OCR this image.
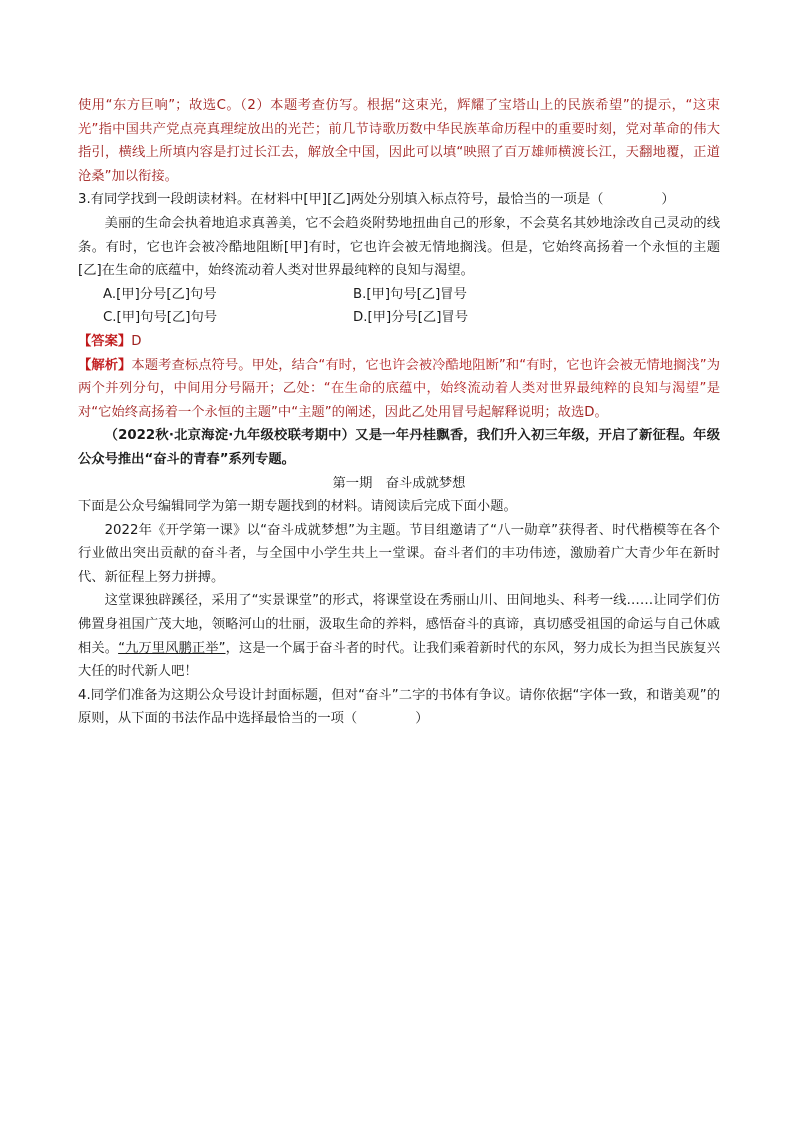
使用“东方巨响”；故选C。（2）本题考查仿写。根据“这束光，辉耀了宝塔山上的民族希望”的提示，“这束光”指中国共产党点亮真理绽放出的光芒；前几节诗歌历数中华民族革命历程中的重要时刻，党对革命的伟大指引，横线上所填内容是打过长江去，解放全中国，因此可以填“映照了百万雄师横渡长江，天翻地覆，正道沧桑”加以衔接。

3.有同学找到一段朗读材料。在材料中[甲][乙]两处分别填入标点符号，最恰当的一项是（	）

美丽的生命会执着地追求真善美，它不会趋炎附势地扭曲自己的形象，不会莫名其妙地涂改自己灵动的线条。有时，它也许会被冷酷地阻断[甲]有时，它也许会被无情地搁浅。但是，它始终高扬着一个永恒的主题[乙]在生命的底蕴中，始终流动着人类对世界最纯粹的良知与渴望。

A.[甲]分号[乙]句号	B.[甲]句号[乙]冒号
C.[甲]句号[乙]句号	D.[甲]分号[乙]冒号

【答案】D

【解析】本题考查标点符号。甲处，结合“有时，它也许会被冷酷地阻断”和“有时，它也许会被无情地搁浅”为两个并列分句，中间用分号隔开；乙处：“在生命的底蕴中，始终流动着人类对世界最纯粹的良知与渴望”是对“它始终高扬着一个永恒的主题”中“主题”的阐述，因此乙处用冒号起解释说明；故选D。

（2022秋·北京海淀·九年级校联考期中）又是一年丹桂飘香，我们升入初三年级，开启了新征程。年级公众号推出“奋斗的青春”系列专题。

第一期　奋斗成就梦想

下面是公众号编辑同学为第一期专题找到的材料。请阅读后完成下面小题。

2022年《开学第一课》以“奋斗成就梦想”为主题。节目组邀请了“八一勋章”获得者、时代楷模等在各个行业做出突出贡献的奋斗者，与全国中小学生共上一堂课。奋斗者们的丰功伟迹，激励着广大青少年在新时代、新征程上努力拼搏。

这堂课独辟蹊径，采用了“实景课堂”的形式，将课堂设在秀丽山川、田间地头、科考一线……让同学们仿佛置身祖国广茂大地，领略河山的壮丽，汲取生命的养料，感悟奋斗的真谛，真切感受祖国的命运与自己休戚相关。“九万里风鹏正举”，这是一个属于奋斗者的时代。让我们乘着新时代的东风，努力成长为担当民族复兴大任的时代新人吧！

4.同学们准备为这期公众号设计封面标题，但对“奋斗”二字的书体有争议。请你依据“字体一致，和谐美观”的原则，从下面的书法作品中选择最恰当的一项（	）
